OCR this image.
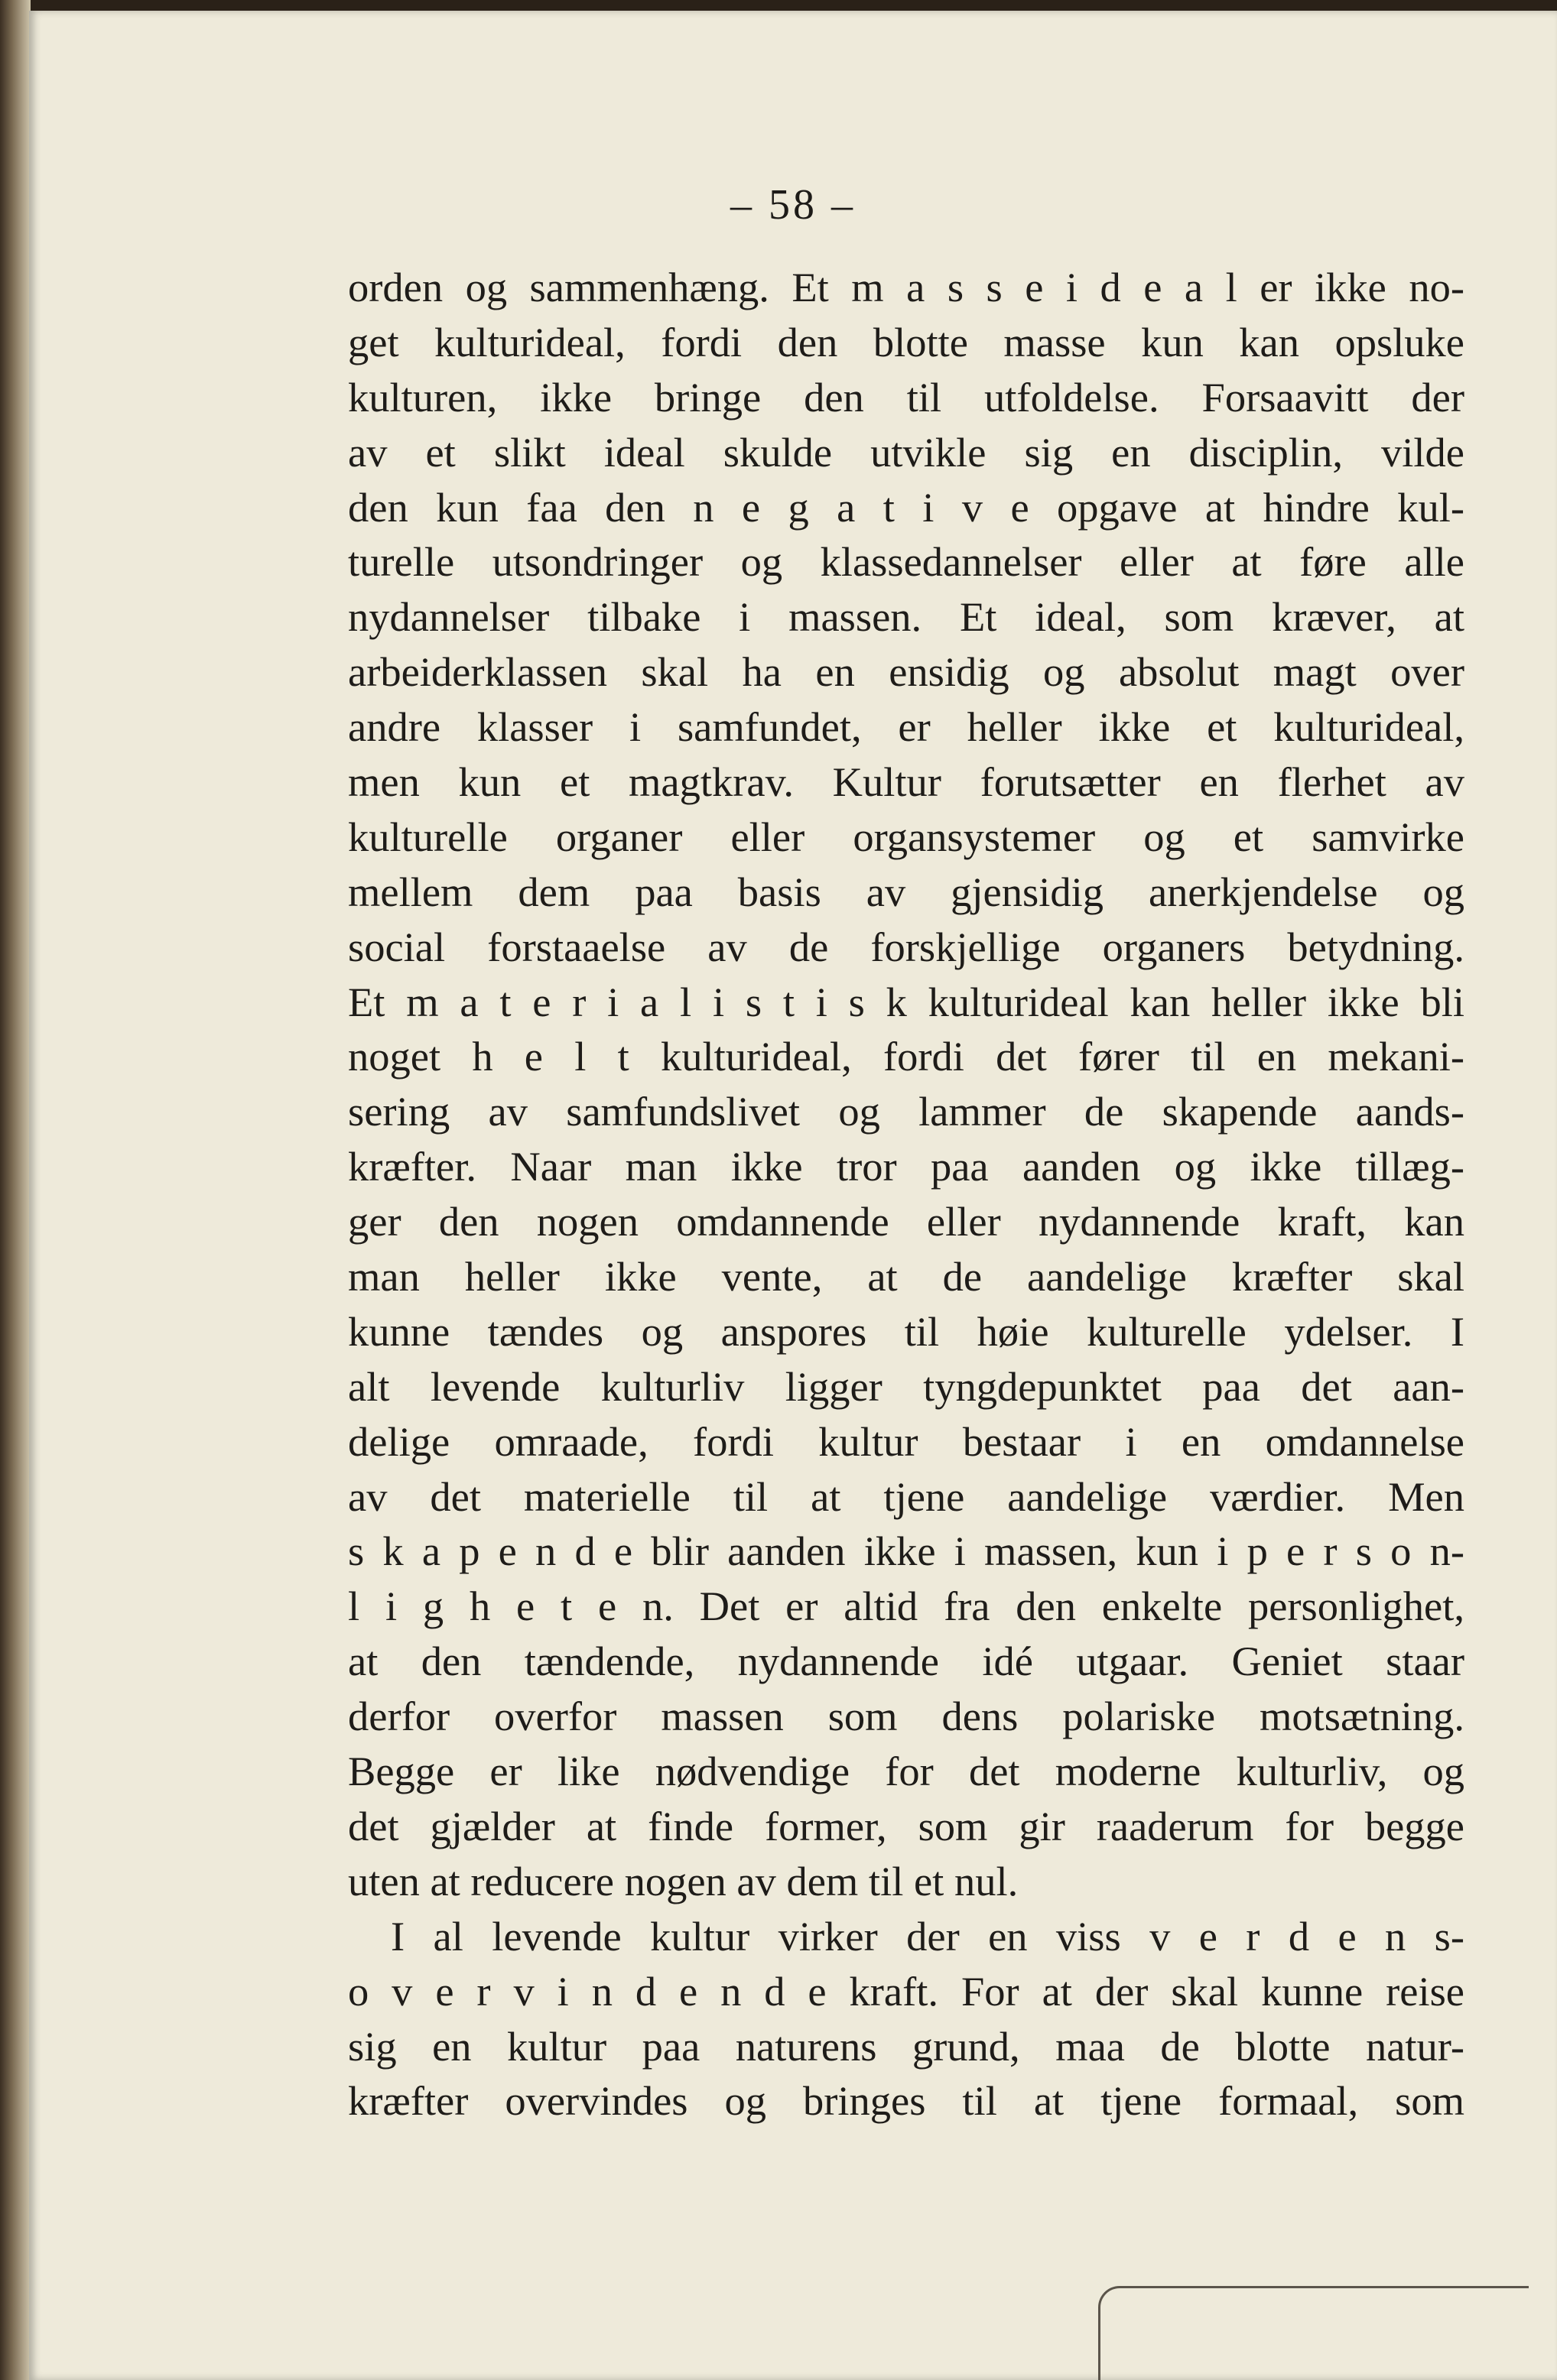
– 58 –
orden og sammenhæng. Et m a s s e i d e a l er ikke no-
get kulturideal, fordi den blotte masse kun kan opsluke
kulturen, ikke bringe den til utfoldelse. Forsaavitt der
av et slikt ideal skulde utvikle sig en disciplin, vilde
den kun faa den n e g a t i v e opgave at hindre kul-
turelle utsondringer og klassedannelser eller at føre alle
nydannelser tilbake i massen. Et ideal, som kræver, at
arbeiderklassen skal ha en ensidig og absolut magt over
andre klasser i samfundet, er heller ikke et kulturideal,
men kun et magtkrav. Kultur forutsætter en flerhet av
kulturelle organer eller organsystemer og et samvirke
mellem dem paa basis av gjensidig anerkjendelse og
social forstaaelse av de forskjellige organers betydning.
Et m a t e r i a l i s t i s k kulturideal kan heller ikke bli
noget h e l t kulturideal, fordi det fører til en mekani-
sering av samfundslivet og lammer de skapende aands-
kræfter. Naar man ikke tror paa aanden og ikke tillæg-
ger den nogen omdannende eller nydannende kraft, kan
man heller ikke vente, at de aandelige kræfter skal
kunne tændes og anspores til høie kulturelle ydelser. I
alt levende kulturliv ligger tyngdepunktet paa det aan-
delige omraade, fordi kultur bestaar i en omdannelse
av det materielle til at tjene aandelige værdier. Men
s k a p e n d e blir aanden ikke i massen, kun i p e r s o n-
l i g h e t e n. Det er altid fra den enkelte personlighet,
at den tændende, nydannende idé utgaar. Geniet staar
derfor overfor massen som dens polariske motsætning.
Begge er like nødvendige for det moderne kulturliv, og
det gjælder at finde former, som gir raaderum for begge
uten at reducere nogen av dem til et nul.
I al levende kultur virker der en viss v e r d e n s-
o v e r v i n d e n d e kraft. For at der skal kunne reise
sig en kultur paa naturens grund, maa de blotte natur-
kræfter overvindes og bringes til at tjene formaal, som
